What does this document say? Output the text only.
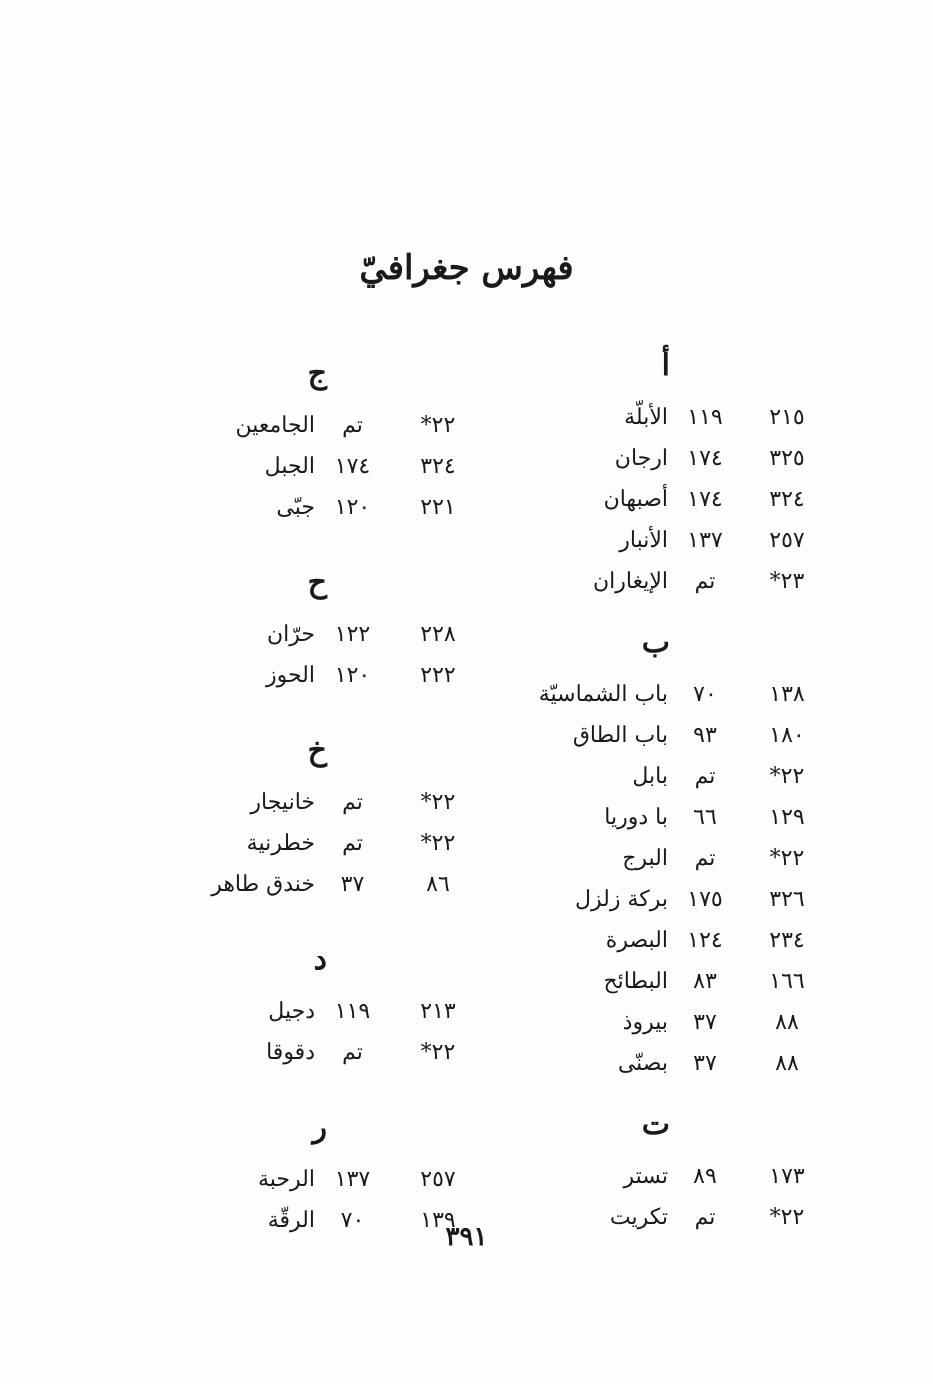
فهرس جغرافيّ
أ
الأبلّة ١١٩	٢١٥
ارجان ١٧٤	٣٢٥
أصبهان ١٧٤	٣٢٤
الأنبار ١٣٧	٢٥٧
الإيغاران	تم	٢٣*
ب
باب الشماسيّة	٧٠	١٣٨
باب الطاق	٩٣	١٨٠
بابل	تم	٢٢*
با دوريا	٦٦	١٢٩
البرج	تم	٢٢*
بركة زلزل ١٧٥	٣٢٦
البصرة ١٢٤	٢٣٤
البطائح	٨٣	١٦٦
بيروذ	٣٧	٨٨
بصنّى	٣٧	٨٨
ت
تستر	٨٩	١٧٣
تكريت	تم	٢٢*
ج
الجامعين	تم	٢٢*
الجبل ١٧٤	٣٢٤
جبّى ١٢٠	٢٢١
ح
حرّان ١٢٢	٢٢٨
الحوز ١٢٠	٢٢٢
خ
خانيجار	تم	٢٢*
خطرنية	تم	٢٢*
خندق طاهر	٣٧	٨٦
د
دجيل ١١٩	٢١٣
دقوقا	تم	٢٢*
ر
الرحبة ١٣٧	٢٥٧
الرقّة	٧٠	١٣٩
٣٩١
